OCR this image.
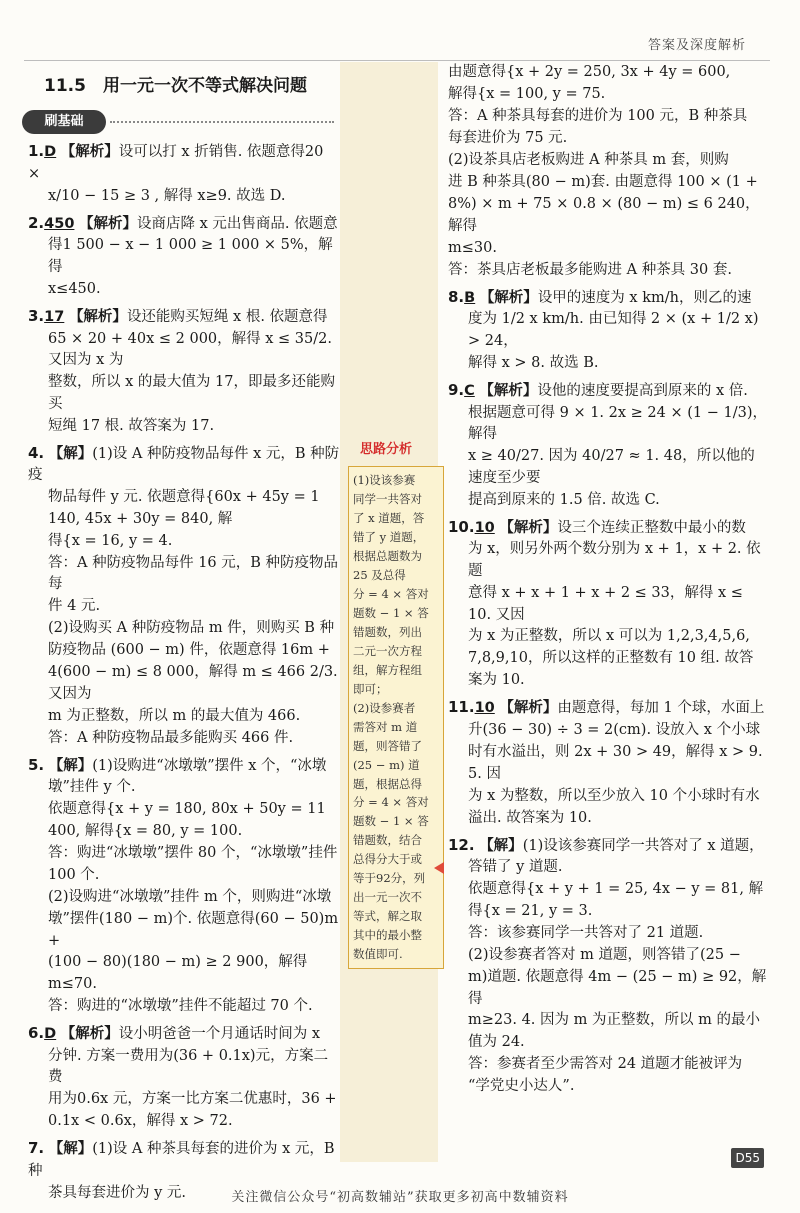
答案及深度解析
11.5　用一元一次不等式解决问题
刷基础
1.D 【解析】设可以打 x 折销售. 依题意得20 ×
x/10 − 15 ≥ 3 , 解得 x≥9. 故选 D.
2.450 【解析】设商店降 x 元出售商品. 依题意
得1 500 − x − 1 000 ≥ 1 000 × 5%，解得
x≤450.
3.17 【解析】设还能购买短绳 x 根. 依题意得
65 × 20 + 40x ≤ 2 000，解得 x ≤ 35/2. 又因为 x 为
整数，所以 x 的最大值为 17，即最多还能购买
短绳 17 根. 故答案为 17.
4. 【解】(1)设 A 种防疫物品每件 x 元，B 种防疫
物品每件 y 元. 依题意得{60x + 45y = 1 140, 45x + 30y = 840, 解
得{x = 16, y = 4.
答：A 种防疫物品每件 16 元，B 种防疫物品每
件 4 元.
(2)设购买 A 种防疫物品 m 件，则购买 B 种
防疫物品 (600 − m) 件，依题意得 16m +
4(600 − m) ≤ 8 000，解得 m ≤ 466 2/3. 又因为
m 为正整数，所以 m 的最大值为 466.
答：A 种防疫物品最多能购买 466 件.
5. 【解】(1)设购进“冰墩墩”摆件 x 个，“冰墩
墩”挂件 y 个.
依题意得{x + y = 180, 80x + 50y = 11 400, 解得{x = 80, y = 100.
答：购进“冰墩墩”摆件 80 个，“冰墩墩”挂件
100 个.
(2)设购进“冰墩墩”挂件 m 个，则购进“冰墩
墩”摆件(180 − m)个. 依题意得(60 − 50)m +
(100 − 80)(180 − m) ≥ 2 900，解得 m≤70.
答：购进的“冰墩墩”挂件不能超过 70 个.
6.D 【解析】设小明爸爸一个月通话时间为 x
分钟. 方案一费用为(36 + 0.1x)元，方案二费
用为0.6x 元，方案一比方案二优惠时，36 +
0.1x < 0.6x，解得 x > 72.
7. 【解】(1)设 A 种茶具每套的进价为 x 元，B 种
茶具每套进价为 y 元.
由题意得{x + 2y = 250, 3x + 4y = 600,
解得{x = 100, y = 75.
答：A 种茶具每套的进价为 100 元，B 种茶具
每套进价为 75 元.
(2)设茶具店老板购进 A 种茶具 m 套，则购
进 B 种茶具(80 − m)套. 由题意得 100 × (1 +
8%) × m + 75 × 0.8 × (80 − m) ≤ 6 240，解得
m≤30.
答：茶具店老板最多能购进 A 种茶具 30 套.
8.B 【解析】设甲的速度为 x km/h，则乙的速
度为 1/2 x km/h. 由已知得 2 × (x + 1/2 x) > 24，
解得 x > 8. 故选 B.
9.C 【解析】设他的速度要提高到原来的 x 倍.
根据题意可得 9 × 1. 2x ≥ 24 × (1 − 1/3)，解得
x ≥ 40/27. 因为 40/27 ≈ 1. 48，所以他的速度至少要
提高到原来的 1.5 倍. 故选 C.
10.10 【解析】设三个连续正整数中最小的数
为 x，则另外两个数分别为 x + 1，x + 2. 依题
意得 x + x + 1 + x + 2 ≤ 33，解得 x ≤ 10. 又因
为 x 为正整数，所以 x 可以为 1,2,3,4,5,6,
7,8,9,10，所以这样的正整数有 10 组. 故答
案为 10.
11.10 【解析】由题意得，每加 1 个球，水面上
升(36 − 30) ÷ 3 = 2(cm). 设放入 x 个小球
时有水溢出，则 2x + 30 > 49，解得 x > 9. 5. 因
为 x 为整数，所以至少放入 10 个小球时有水
溢出. 故答案为 10.
12. 【解】(1)设该参赛同学一共答对了 x 道题，
答错了 y 道题.
依题意得{x + y + 1 = 25, 4x − y = 81, 解得{x = 21, y = 3.
答：该参赛同学一共答对了 21 道题.
(2)设参赛者答对 m 道题，则答错了(25 −
m)道题. 依题意得 4m − (25 − m) ≥ 92，解得
m≥23. 4. 因为 m 为正整数，所以 m 的最小
值为 24.
答：参赛者至少需答对 24 道题才能被评为
“学党史小达人”.
思路分析
(1)设该参赛
同学一共答对
了 x 道题，答
错了 y 道题，
根据总题数为
25 及总得
分 = 4 × 答对
题数 − 1 × 答
错题数，列出
二元一次方程
组，解方程组
即可；
(2)设参赛者
需答对 m 道
题，则答错了
(25 − m) 道
题，根据总得
分 = 4 × 答对
题数 − 1 × 答
错题数，结合
总得分大于或
等于92分，列
出一元一次不
等式，解之取
其中的最小整
数值即可.
D55
关注微信公众号“初高数辅站”获取更多初高中数辅资料
